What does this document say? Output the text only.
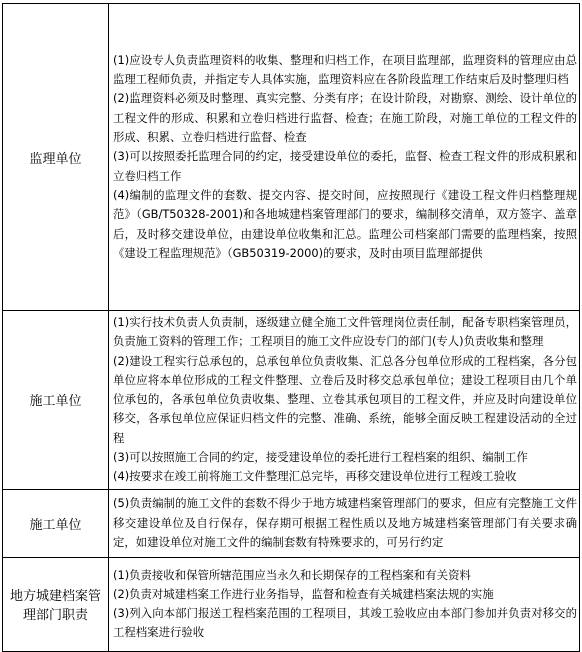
监理单位	(1)应设专人负责监理资料的收集、整理和归档工作，在项目监理部，监理资料的管理应由总监理工程师负责，并指定专人具体实施，监理资料应在各阶段监理工作结束后及时整理归档

(2)监理资料必须及时整理、真实完整、分类有序；在设计阶段，对勘察、测绘、设计单位的工程文件的形成、积累和立卷归档进行监督、检查；在施工阶段，对施工单位的工程文件的形成、积累、立卷归档进行监督、检查

(3)可以按照委托监理合同的约定，接受建设单位的委托，监督、检查工程文件的形成积累和立卷归档工作

(4)编制的监理文件的套数、提交内容、提交时间，应按照现行《建设工程文件归档整理规范》（GB/T50328-2001)和各地城建档案管理部门的要求，编制移交清单，双方签字、盖章后，及时移交建设单位，由建设单位收集和汇总。监理公司档案部门需要的监理档案，按照《建设工程监理规范》（GB50319-2000)的要求，及时由项目监理部提供

施工单位	(1)实行技术负责人负责制，逐级建立健全施工文件管理岗位责任制，配备专职档案管理员，负责施工资料的管理工作；工程项目的施工文件应设专门的部门(专人)负责收集和整理

(2)建设工程实行总承包的，总承包单位负责收集、汇总各分包单位形成的工程档案，各分包单位应将本单位形成的工程文件整理、立卷后及时移交总承包单位；建设工程项目由几个单位承包的，各承包单位负责收集、整理、立卷其承包项目的工程文件，并应及时向建设单位移交，各承包单位应保证归档文件的完整、准确、系统，能够全面反映工程建设活动的全过程

(3)可以按照施工合同的约定，接受建设单位的委托进行工程档案的组织、编制工作

(4)按要求在竣工前将施工文件整理汇总完毕，再移交建设单位进行工程竣工验收

施工单位	(5)负责编制的施工文件的套数不得少于地方城建档案管理部门的要求，但应有完整施工文件移交建设单位及自行保存，保存期可根据工程性质以及地方城建档案管理部门有关要求确定，如建设单位对施工文件的编制套数有特殊要求的，可另行约定

地方城建档案管理部门职责	(1)负责接收和保管所辖范围应当永久和长期保存的工程档案和有关资料

(2)负责对城建档案工作进行业务指导，监督和检查有关城建档案法规的实施

(3)列入向本部门报送工程档案范围的工程项目，其竣工验收应由本部门参加并负责对移交的工程档案进行验收
